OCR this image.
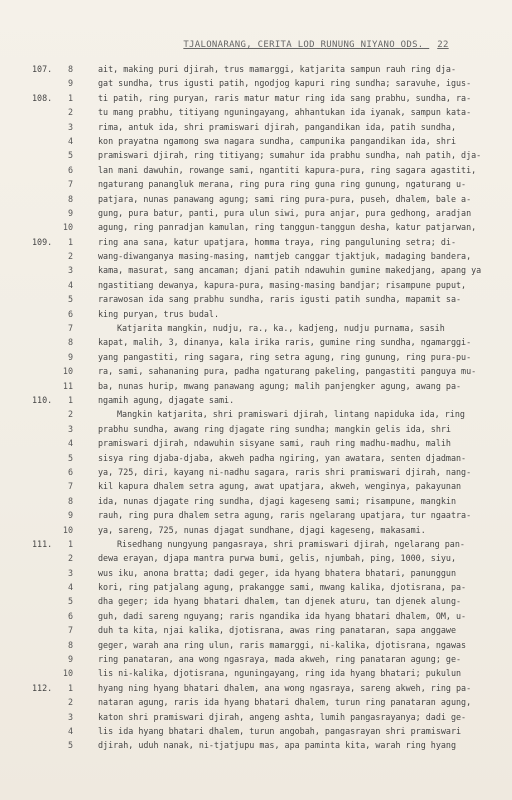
TJALONARANG, CERITA LOD RUNUNG NIYANO ODS. 22
107.	8	ait, making puri djirah, trus mamarggi, katjarita sampun rauh ring dja-
9	gat sundha, trus igusti patih, ngodjog kapuri ring sundha; saravuhe, igus-
108.	1	ti patih, ring puryan, raris matur matur ring ida sang prabhu, sundha, ra-
2	tu mang prabhu, titiyang nguningayang, ahhantukan ida iyanak, sampun kata-
3	rima, antuk ida, shri pramiswari djirah, pangandikan ida, patih sundha,
4	kon prayatna ngamong swa nagara sundha, campunika pangandikan ida, shri
5	pramiswari djirah, ring titiyang; sumahur ida prabhu sundha, nah patih, dja-
6	lan mani dawuhin, rowange sami, ngantiti kapura-pura, ring sagara agastiti,
7	ngaturang panangluk merana, ring pura ring guna ring gunung, ngaturang u-
8	patjara, nunas panawang agung; sami ring pura-pura, puseh, dhalem, bale a-
9	gung, pura batur, panti, pura ulun siwi, pura anjar, pura gedhong, aradjan
10	agung, ring panradjan kamulan, ring tanggun-tanggun desha, katur patjarwan,
109.	1	ring ana sana, katur upatjara, homma traya, ring panguluning setra; di-
2	wang-diwanganya masing-masing, namtjeb canggar tjaktjuk, madaging bandera,
3	kama, masurat, sang ancaman; djani patih ndawuhin gumine makedjang, apang ya
4	ngastitiang dewanya, kapura-pura, masing-masing bandjar; risampune puput,
5	rarawosan ida sang prabhu sundha, raris igusti patih sundha, mapamit sa-
6	king puryan, trus budal.
7	Katjarita mangkin, nudju, ra., ka., kadjeng, nudju purnama, sasih
8	kapat, malih, 3, dinanya, kala irika raris, gumine ring sundha, ngamarggi-
9	yang pangastiti, ring sagara, ring setra agung, ring gunung, ring pura-pu-
10	ra, sami, sahananing pura, padha ngaturang pakeling, pangastiti panguya mu-
11	ba, nunas hurip, mwang panawang agung; malih panjengker agung, awang pa-
110.	1	ngamih agung, djagate sami.
2	Mangkin katjarita, shri pramiswari djirah, lintang napiduka ida, ring
3	prabhu sundha, awang ring djagate ring sundha; mangkin gelis ida, shri
4	pramiswari djirah, ndawuhin sisyane sami, rauh ring madhu-madhu, malih
5	sisya ring djaba-djaba, akweh padha ngiring, yan awatara, senten djadman-
6	ya, 725, diri, kayang ni-nadhu sagara, raris shri pramiswari djirah, nang-
7	kil kapura dhalem setra agung, awat upatjara, akweh, wenginya, pakayunan
8	ida, nunas djagate ring sundha, djagi kageseng sami; risampune, mangkin
9	rauh, ring pura dhalem setra agung, raris ngelarang upatjara, tur ngaatra-
10	ya, sareng, 725, nunas djagat sundhane, djagi kageseng, makasami.
111.	1	Risedhang nungyung pangasraya, shri pramiswari djirah, ngelarang pan-
2	dewa erayan, djapa mantra purwa bumi, gelis, njumbah, ping, 1000, siyu,
3	wus iku, anona bratta; dadi geger, ida hyang bhatera bhatari, panunggun
4	kori, ring patjalang agung, prakangge sami, mwang kalika, djotisrana, pa-
5	dha geger; ida hyang bhatari dhalem, tan djenek aturu, tan djenek alung-
6	guh, dadi sareng nguyang; raris ngandika ida hyang bhatari dhalem, OM, u-
7	duh ta kita, njai kalika, djotisrana, awas ring panataran, sapa anggawe
8	geger, warah ana ring ulun, raris mamarggi, ni-kalika, djotisrana, ngawas
9	ring panataran, ana wong ngasraya, mada akweh, ring panataran agung; ge-
10	lis ni-kalika, djotisrana, nguningayang, ring ida hyang bhatari; pukulun
112.	1	hyang ning hyang bhatari dhalem, ana wong ngasraya, sareng akweh, ring pa-
2	nataran agung, raris ida hyang bhatari dhalem, turun ring panataran agung,
3	katon shri pramiswari djirah, angeng ashta, lumih pangasrayanya; dadi ge-
4	lis ida hyang bhatari dhalem, turun angobah, pangasrayan shri pramiswari
5	djirah, uduh nanak, ni-tjatjupu mas, apa paminta kita, warah ring hyang
